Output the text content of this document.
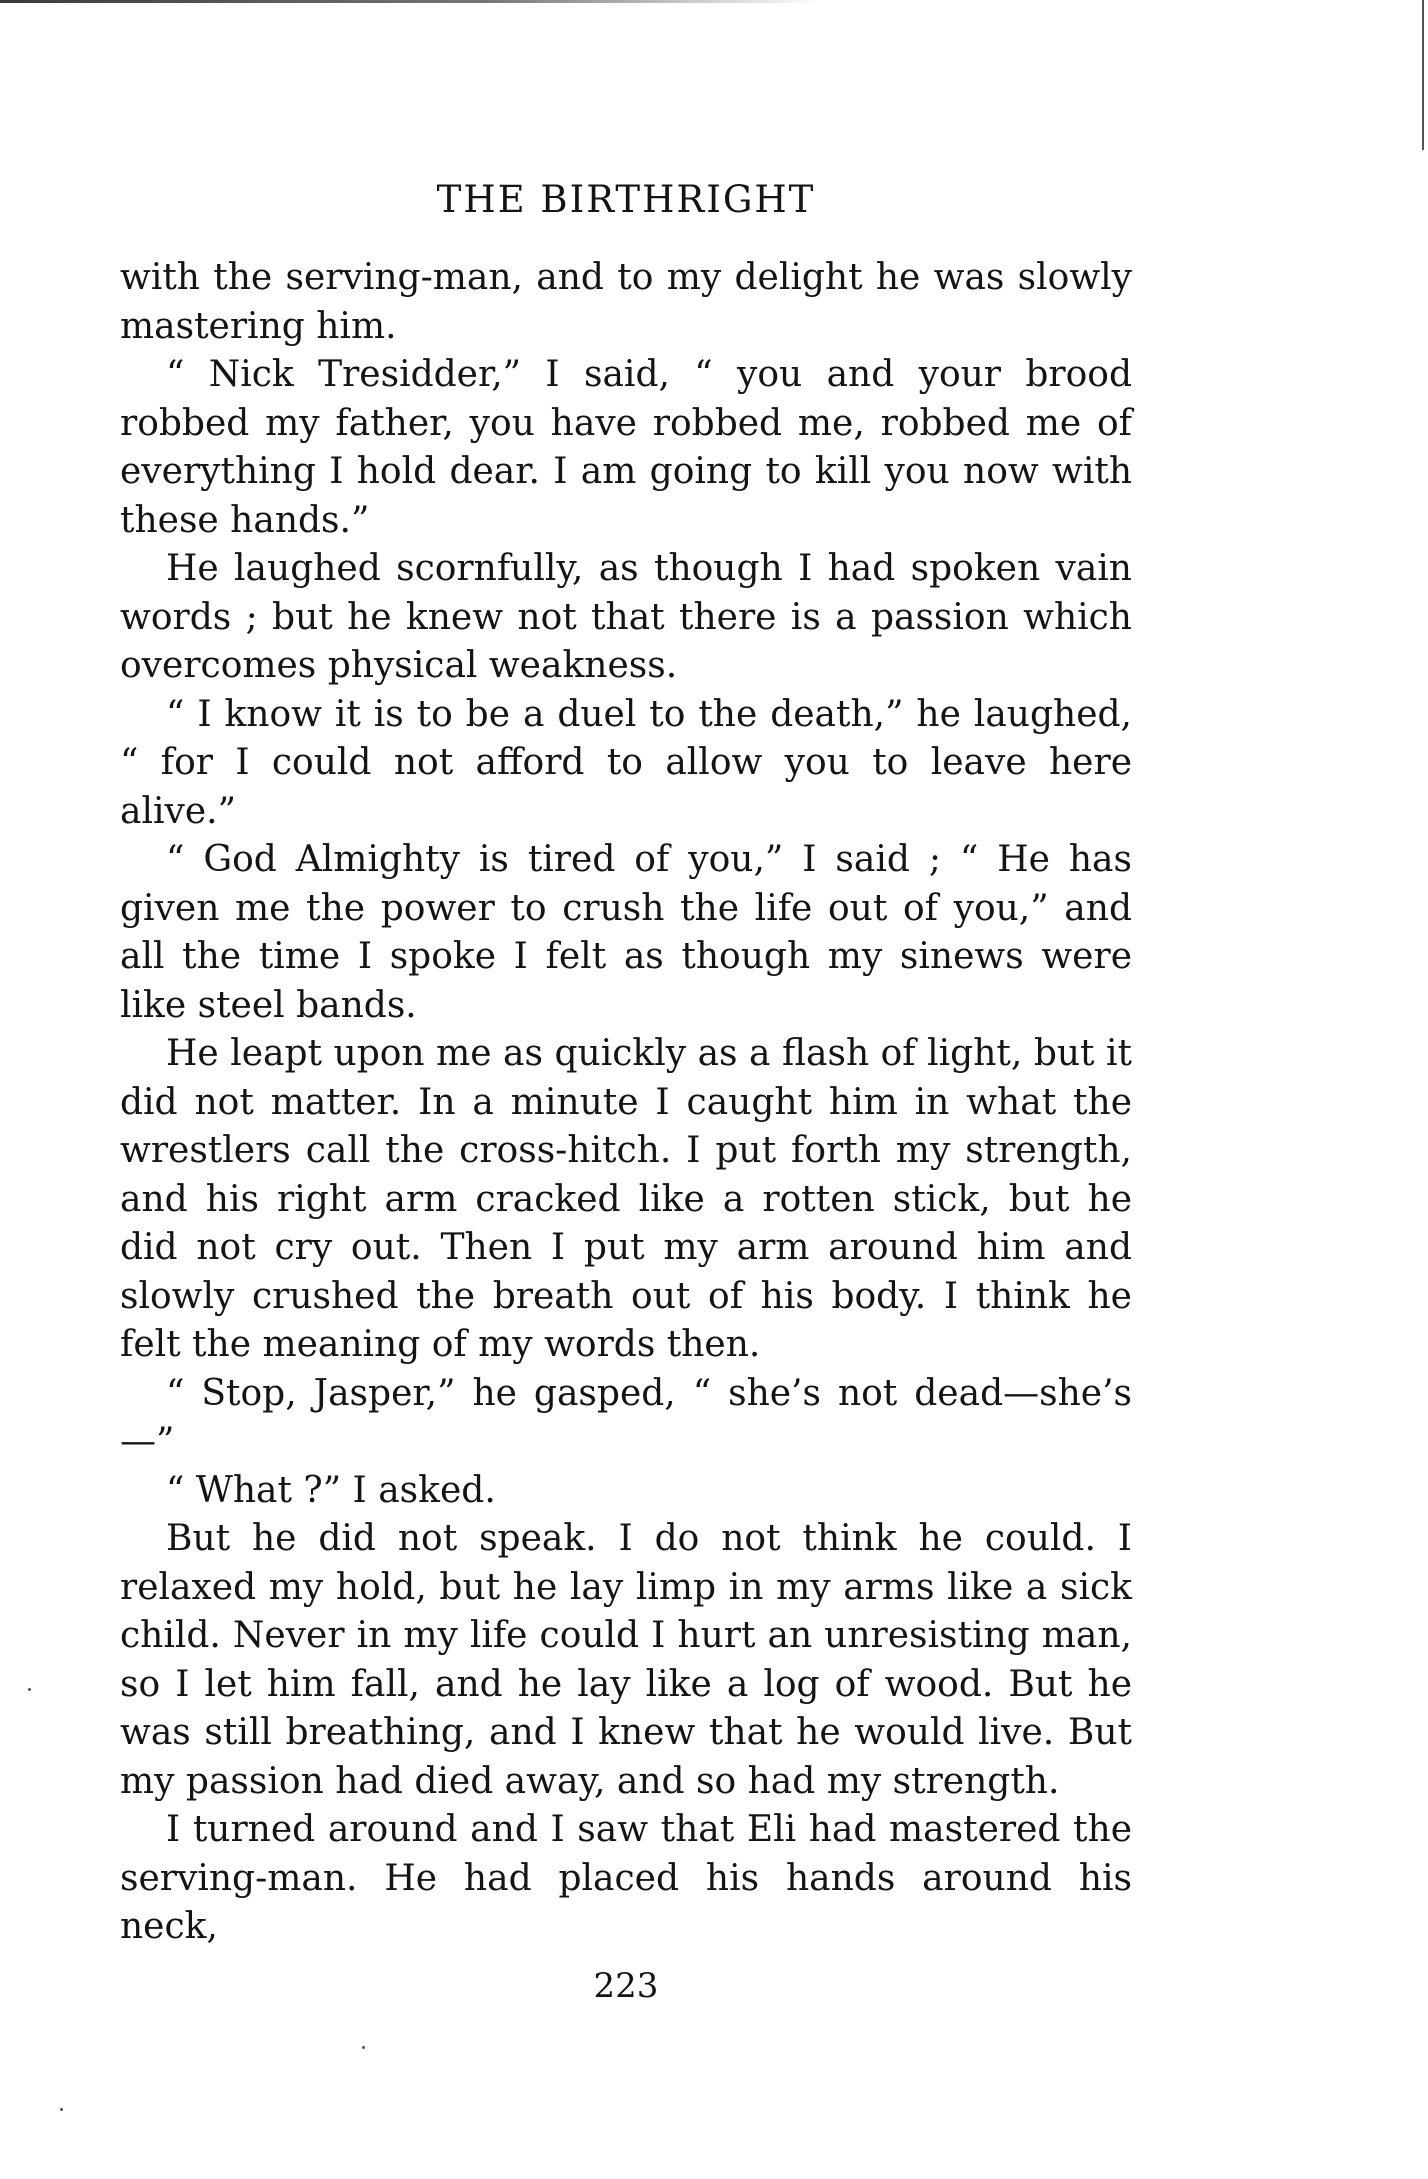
THE BIRTHRIGHT

with the serving-man, and to my delight he was slowly mastering him.

“ Nick Tresidder,” I said, “ you and your brood robbed my father, you have robbed me, robbed me of everything I hold dear. I am going to kill you now with these hands.”

He laughed scornfully, as though I had spoken vain words ; but he knew not that there is a passion which overcomes physical weakness.

“ I know it is to be a duel to the death,” he laughed, “ for I could not afford to allow you to leave here alive.”

“ God Almighty is tired of you,” I said ; “ He has given me the power to crush the life out of you,” and all the time I spoke I felt as though my sinews were like steel bands.

He leapt upon me as quickly as a flash of light, but it did not matter. In a minute I caught him in what the wrestlers call the cross-hitch. I put forth my strength, and his right arm cracked like a rotten stick, but he did not cry out. Then I put my arm around him and slowly crushed the breath out of his body. I think he felt the meaning of my words then.

“ Stop, Jasper,” he gasped, “ she’s not dead—she’s—”

“ What ?” I asked.

But he did not speak. I do not think he could. I relaxed my hold, but he lay limp in my arms like a sick child. Never in my life could I hurt an unresisting man, so I let him fall, and he lay like a log of wood. But he was still breathing, and I knew that he would live. But my passion had died away, and so had my strength.

I turned around and I saw that Eli had mastered the serving-man. He had placed his hands around his neck,

223
